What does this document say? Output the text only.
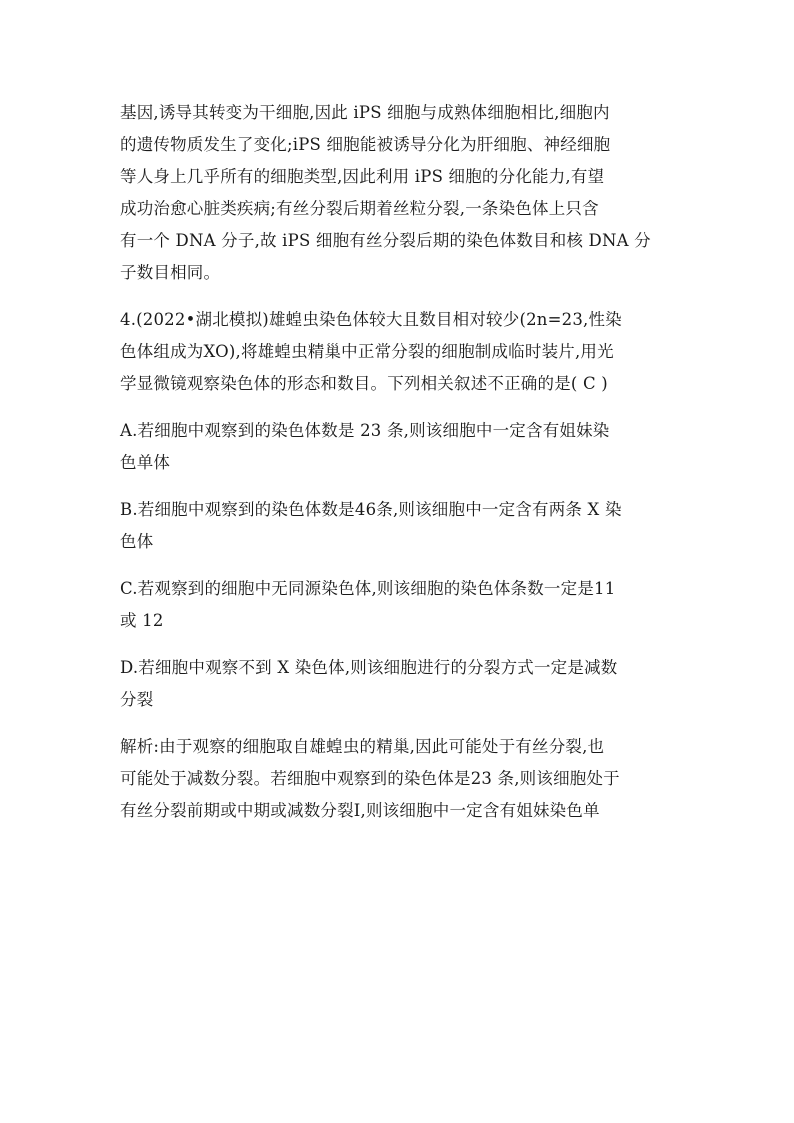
基因,诱导其转变为干细胞,因此 iPS 细胞与成熟体细胞相比,细胞内
的遗传物质发生了变化;iPS 细胞能被诱导分化为肝细胞、神经细胞
等人身上几乎所有的细胞类型,因此利用 iPS 细胞的分化能力,有望
成功治愈心脏类疾病;有丝分裂后期着丝粒分裂,一条染色体上只含
有一个 DNA 分子,故 iPS 细胞有丝分裂后期的染色体数目和核 DNA 分
子数目相同。

4.(2022•湖北模拟)雄蝗虫染色体较大且数目相对较少(2n=23,性染
色体组成为XO),将雄蝗虫精巢中正常分裂的细胞制成临时装片,用光
学显微镜观察染色体的形态和数目。下列相关叙述不正确的是( C )

A.若细胞中观察到的染色体数是 23 条,则该细胞中一定含有姐妹染
色单体

B.若细胞中观察到的染色体数是46条,则该细胞中一定含有两条 X 染
色体

C.若观察到的细胞中无同源染色体,则该细胞的染色体条数一定是11
或 12

D.若细胞中观察不到 X 染色体,则该细胞进行的分裂方式一定是减数
分裂

解析:由于观察的细胞取自雄蝗虫的精巢,因此可能处于有丝分裂,也
可能处于减数分裂。若细胞中观察到的染色体是23 条,则该细胞处于
有丝分裂前期或中期或减数分裂Ⅰ,则该细胞中一定含有姐妹染色单
